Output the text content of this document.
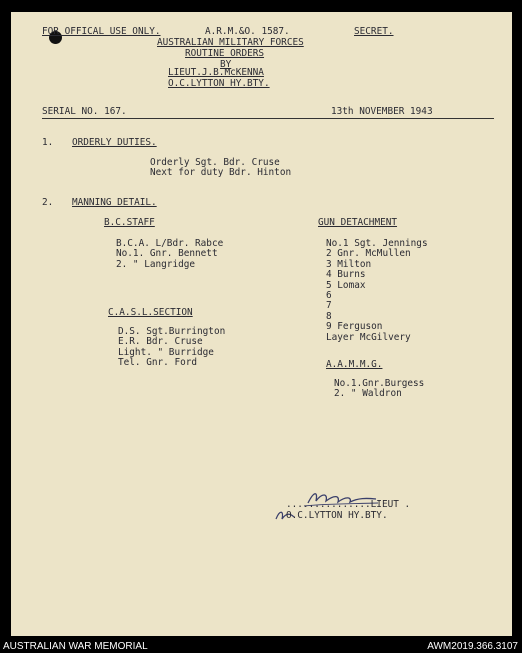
FOR OFFICAL USE ONLY.	A.R.M.&O. 1587.	SECRET.
AUSTRALIAN MILITARY FORCES
ROUTINE ORDERS
BY
LIEUT.J.B.McKENNA
O.C.LYTTON HY.BTY.
SERIAL NO. 167.	13th NOVEMBER 1943
1. ORDERLY DUTIES.
Orderly Sgt. Bdr. Cruse
Next for duty Bdr. Hinton
2. MANNING DETAIL.
B.C.STAFF
B.C.A. L/Bdr. Rabce
No.1. Gnr. Bennett
2. " Langridge
C.A.S.L.SECTION
D.S. Sgt.Burrington
E.R. Bdr. Cruse
Light. " Burridge
Tel. Gnr. Ford
GUN DETACHMENT
No.1 Sgt. Jennings
2 Gnr. McMullen
3 Milton
4 Burns
5 Lomax
6
7
8
9 Ferguson
Layer McGilvery
A.A.M.M.G.
No.1.Gnr.Burgess
2. " Waldron
...............LIEUT .
O.C.LYTTON HY.BTY.
AUSTRALIAN WAR MEMORIAL	AWM2019.366.3107
